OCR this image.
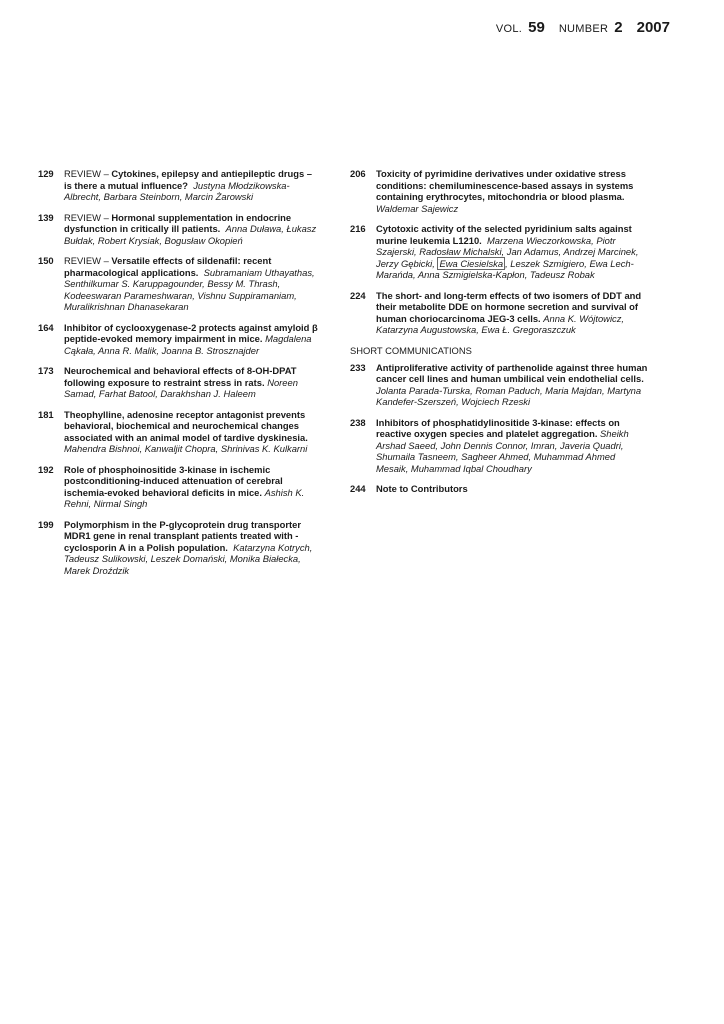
VOL. 59 NUMBER 2 2007
129 REVIEW – Cytokines, epilepsy and antiepileptic drugs – is there a mutual influence? Justyna Młodzikowska-Albrecht, Barbara Steinborn, Marcin Żarowski
139 REVIEW – Hormonal supplementation in endocrine dysfunction in critically ill patients. Anna Duława, Łukasz Bułdak, Robert Krysiak, Bogusław Okopień
150 REVIEW – Versatile effects of sildenafil: recent pharmacological applications. Subramaniam Uthayathas, Senthilkumar S. Karuppagounder, Bessy M. Thrash, Kodeeswaran Parameshwaran, Vishnu Suppiramaniam, Muralikrishnan Dhanasekaran
164 Inhibitor of cyclooxygenase-2 protects against amyloid β peptide-evoked memory impairment in mice. Magdalena Cąkała, Anna R. Malik, Joanna B. Strosznajder
173 Neurochemical and behavioral effects of 8-OH-DPAT following exposure to restraint stress in rats. Noreen Samad, Farhat Batool, Darakhshan J. Haleem
181 Theophylline, adenosine receptor antagonist prevents behavioral, biochemical and neurochemical changes associated with an animal model of tardive dyskinesia. Mahendra Bishnoi, Kanwaljit Chopra, Shrinivas K. Kulkarni
192 Role of phosphoinositide 3-kinase in ischemic postconditioning-induced attenuation of cerebral ischemia-evoked behavioral deficits in mice. Ashish K. Rehni, Nirmal Singh
199 Polymorphism in the P-glycoprotein drug transporter MDR1 gene in renal transplant patients treated with - cyclosporin A in a Polish population. Katarzyna Kotrych, Tadeusz Sulikowski, Leszek Domański, Monika Białecka, Marek Droździk
206 Toxicity of pyrimidine derivatives under oxidative stress conditions: chemiluminescence-based assays in systems containing erythrocytes, mitochondria or blood plasma.  Waldemar Sajewicz
216 Cytotoxic activity of the selected pyridinium salts against murine leukemia L1210. Marzena Wieczorkowska, Piotr Szajerski, Radosław Michalski, Jan Adamus, Andrzej Marcinek, Jerzy Gębicki, Ewa Ciesielska , Leszek Szmigiero, Ewa Lech-Marańda, Anna Szmigielska-Kapłon, Tadeusz Robak
224 The short- and long-term effects of two isomers of DDT and their metabolite DDE on hormone secretion and survival of human choriocarcinoma JEG-3 cells. Anna K. Wójtowicz, Katarzyna Augustowska, Ewa Ł. Gregoraszczuk
SHORT COMMUNICATIONS
233 Antiproliferative activity of parthenolide against three human cancer cell lines and human umbilical vein endothelial cells.  Jolanta Parada-Turska, Roman Paduch, Maria Majdan, Martyna Kandefer-Szerszeń, Wojciech Rzeski
238 Inhibitors of phosphatidylinositide 3-kinase: effects on reactive oxygen species and platelet aggregation. Sheikh Arshad Saeed, John Dennis Connor, Imran, Javeria Quadri, Shumaila Tasneem, Sagheer Ahmed, Muhammad Ahmed Mesaik, Muhammad Iqbal Choudhary
244 Note to Contributors
